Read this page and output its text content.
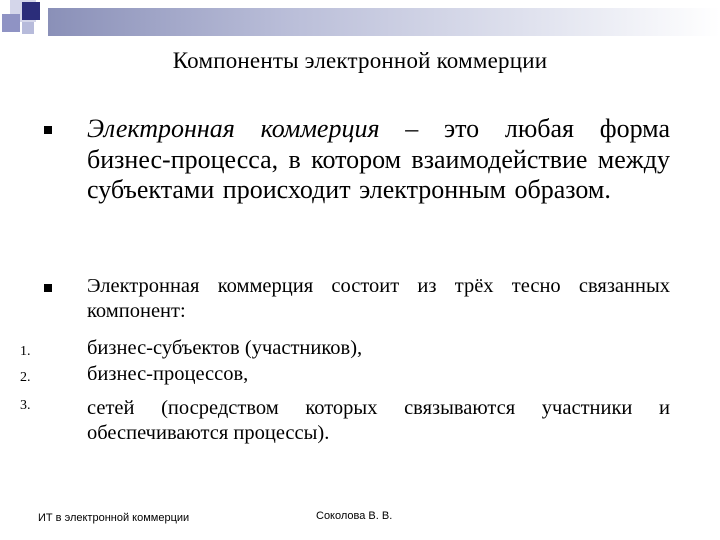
Компоненты электронной коммерции
Электронная коммерция – это любая форма бизнес-процесса, в котором взаимодействие между субъектами происходит электронным образом.
Электронная коммерция состоит из трёх тесно связанных компонент:
1.	бизнес-субъектов (участников),
2.	бизнес-процессов,
3.	сетей (посредством которых связываются участники и обеспечиваются процессы).
ИТ в электронной коммерции	Соколова В. В.
